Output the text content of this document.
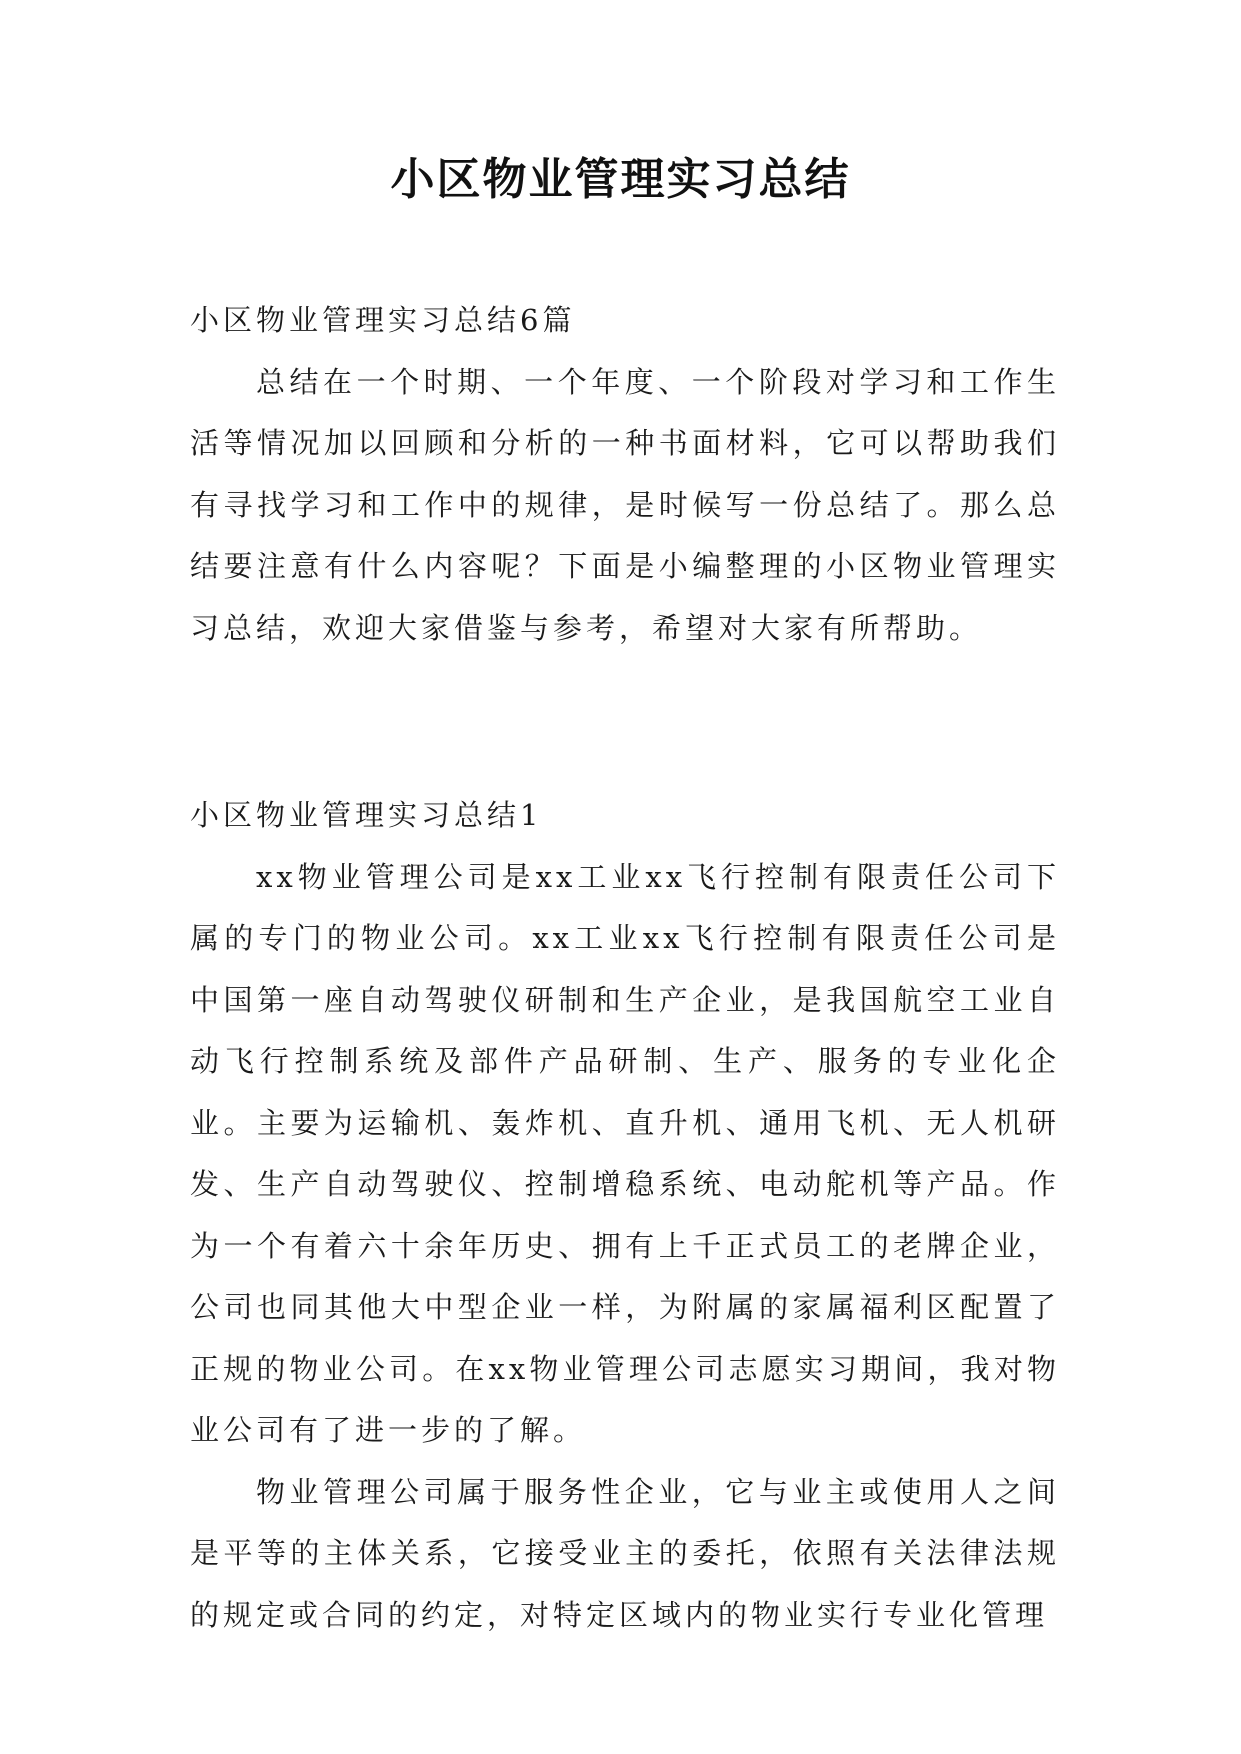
小区物业管理实习总结

小区物业管理实习总结6篇

总结在一个时期、一个年度、一个阶段对学习和工作生活等情况加以回顾和分析的一种书面材料，它可以帮助我们有寻找学习和工作中的规律，是时候写一份总结了。那么总结要注意有什么内容呢？下面是小编整理的小区物业管理实习总结，欢迎大家借鉴与参考，希望对大家有所帮助。

小区物业管理实习总结1

xx物业管理公司是xx工业xx飞行控制有限责任公司下属的专门的物业公司。xx工业xx飞行控制有限责任公司是中国第一座自动驾驶仪研制和生产企业，是我国航空工业自动飞行控制系统及部件产品研制、生产、服务的专业化企业。主要为运输机、轰炸机、直升机、通用飞机、无人机研发、生产自动驾驶仪、控制增稳系统、电动舵机等产品。作为一个有着六十余年历史、拥有上千正式员工的老牌企业，公司也同其他大中型企业一样，为附属的家属福利区配置了正规的物业公司。在xx物业管理公司志愿实习期间，我对物业公司有了进一步的了解。

物业管理公司属于服务性企业，它与业主或使用人之间是平等的主体关系，它接受业主的委托，依照有关法律法规的规定或合同的约定，对特定区域内的物业实行专业化管理
